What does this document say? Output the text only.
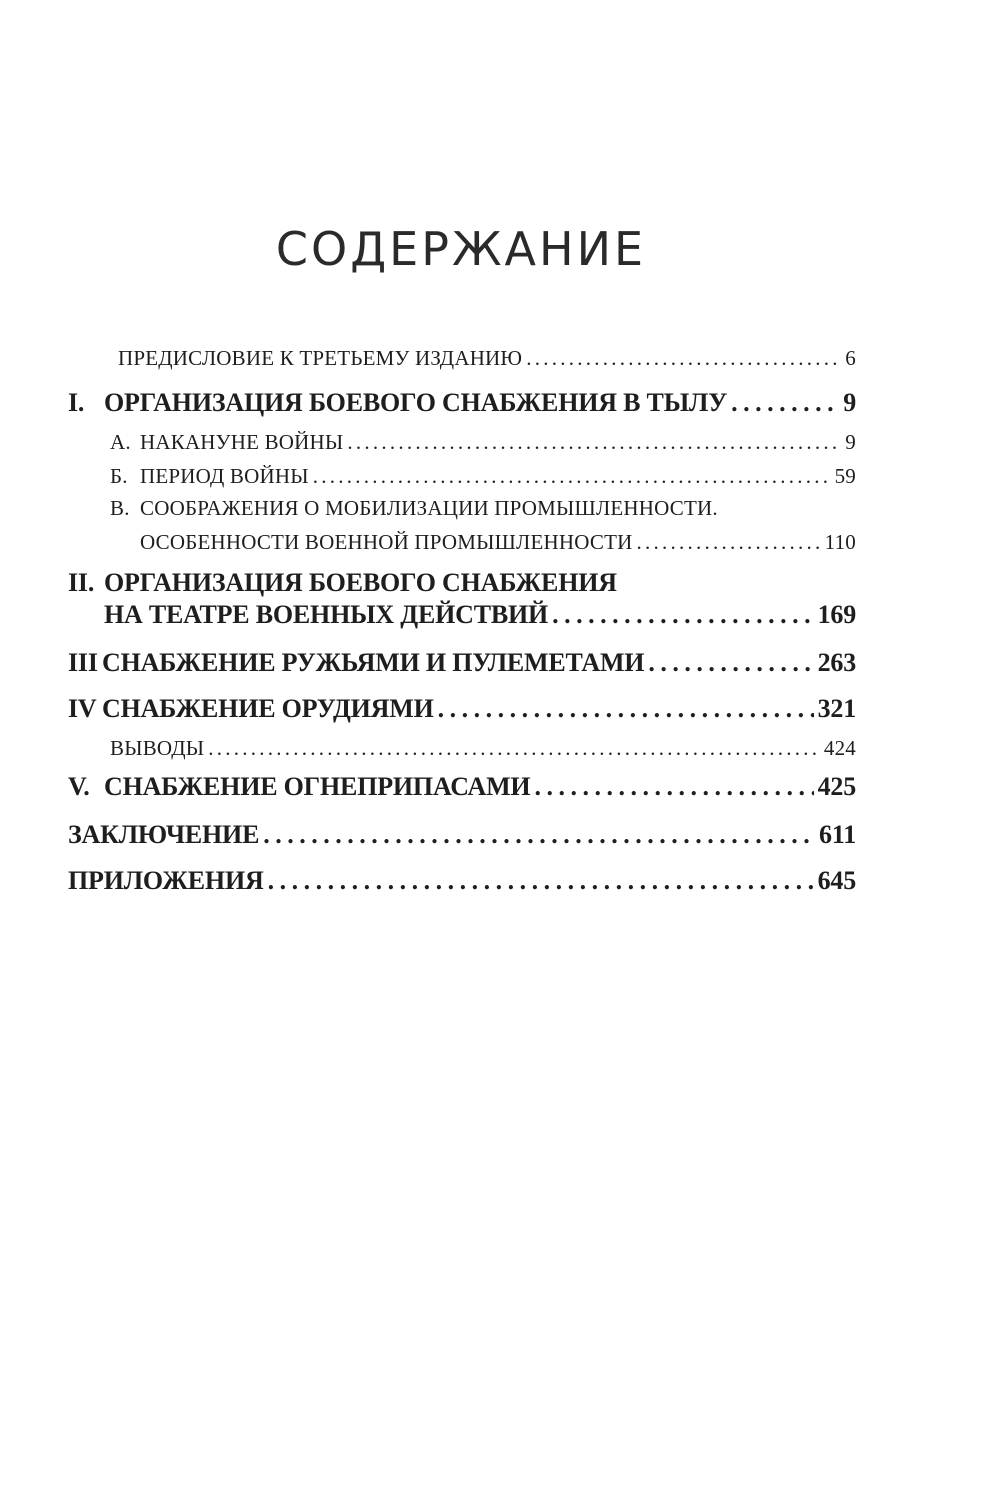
СОДЕРЖАНИЕ
ПРЕДИСЛОВИЕ К ТРЕТЬЕМУ ИЗДАНИЮ . . .	6
I. ОРГАНИЗАЦИЯ БОЕВОГО СНАБЖЕНИЯ В ТЫЛУ . . .	9
А. НАКАНУНЕ ВОЙНЫ . . .	9
Б. ПЕРИОД ВОЙНЫ . . .	59
В. СООБРАЖЕНИЯ О МОБИЛИЗАЦИИ ПРОМЫШЛЕННОСТИ.
ОСОБЕННОСТИ ВОЕННОЙ ПРОМЫШЛЕННОСТИ . . .	110
II. ОРГАНИЗАЦИЯ БОЕВОГО СНАБЖЕНИЯ
НА ТЕАТРЕ ВОЕННЫХ ДЕЙСТВИЙ . . .	169
III СНАБЖЕНИЕ РУЖЬЯМИ И ПУЛЕМЕТАМИ . . .	263
IV СНАБЖЕНИЕ ОРУДИЯМИ . . .	321
ВЫВОДЫ . . .	424
V. СНАБЖЕНИЕ ОГНЕПРИПАСАМИ . . .	425
ЗАКЛЮЧЕНИЕ . . .	611
ПРИЛОЖЕНИЯ . . .	645
